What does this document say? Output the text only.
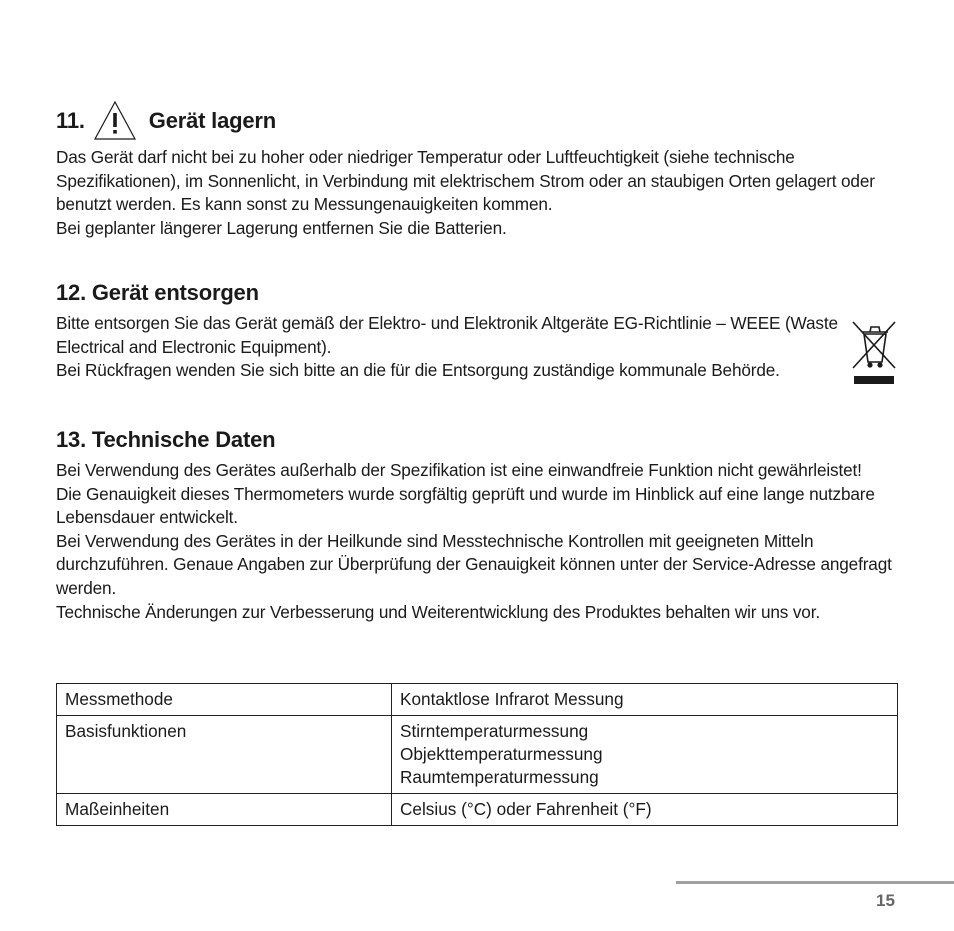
11.	Gerät lagern

Das Gerät darf nicht bei zu hoher oder niedriger Temperatur oder Luftfeuchtigkeit (siehe technische Spezifikationen), im Sonnenlicht, in Verbindung mit elektrischem Strom oder an staubigen Orten gelagert oder benutzt werden. Es kann sonst zu Messungenauigkeiten kommen.

Bei geplanter längerer Lagerung entfernen Sie die Batterien.

12. Gerät entsorgen

Bitte entsorgen Sie das Gerät gemäß der Elektro- und Elektronik Altgeräte EG-Richtlinie – WEEE (Waste Electrical and Electronic Equipment).

Bei Rückfragen wenden Sie sich bitte an die für die Entsorgung zuständige kommunale Behörde.

13. Technische Daten

Bei Verwendung des Gerätes außerhalb der Spezifikation ist eine einwandfreie Funktion nicht gewährleistet!

Die Genauigkeit dieses Thermometers wurde sorgfältig geprüft und wurde im Hinblick auf eine lange nutzbare Lebensdauer entwickelt.

Bei Verwendung des Gerätes in der Heilkunde sind Messtechnische Kontrollen mit geeigneten Mitteln durchzuführen. Genaue Angaben zur Überprüfung der Genauigkeit können unter der Service-Adresse angefragt werden.

Technische Änderungen zur Verbesserung und Weiterentwicklung des Produktes behalten wir uns vor.

Messmethode	Kontaktlose Infrarot Messung

Basisfunktionen	Stirntemperaturmessung
Objekttemperaturmessung
Raumtemperaturmessung

Maßeinheiten	Celsius (°C) oder Fahrenheit (°F)
15
